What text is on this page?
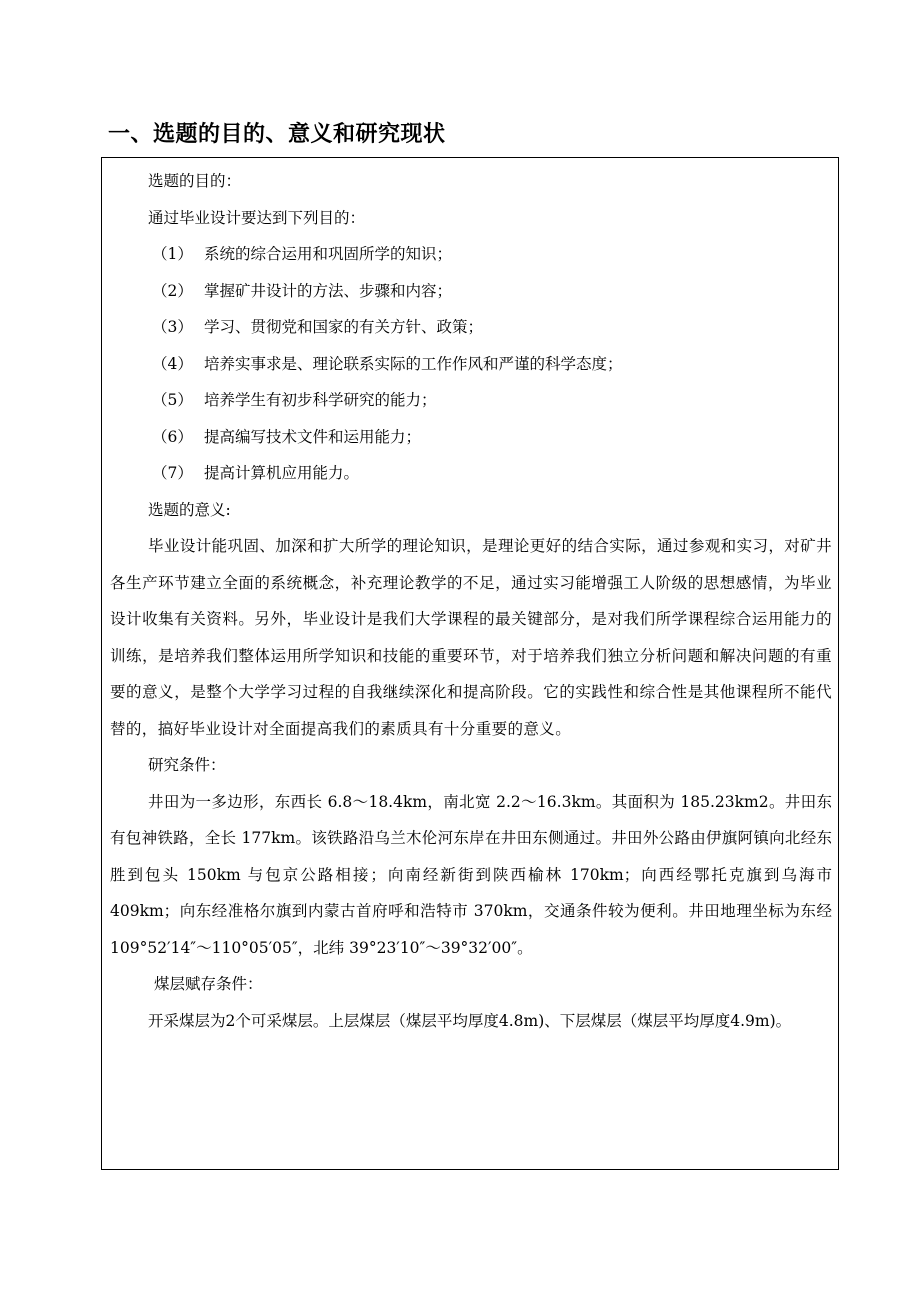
一、选题的目的、意义和研究现状
选题的目的：
通过毕业设计要达到下列目的：
（1） 系统的综合运用和巩固所学的知识；
（2） 掌握矿井设计的方法、步骤和内容；
（3） 学习、贯彻党和国家的有关方针、政策；
（4） 培养实事求是、理论联系实际的工作作风和严谨的科学态度；
（5） 培养学生有初步科学研究的能力；
（6） 提高编写技术文件和运用能力；
（7） 提高计算机应用能力。
选题的意义:

毕业设计能巩固、加深和扩大所学的理论知识，是理论更好的结合实际，通过参观和实习，对矿井各生产环节建立全面的系统概念，补充理论教学的不足，通过实习能增强工人阶级的思想感情，为毕业设计收集有关资料。另外，毕业设计是我们大学课程的最关键部分，是对我们所学课程综合运用能力的训练，是培养我们整体运用所学知识和技能的重要环节，对于培养我们独立分析问题和解决问题的有重要的意义，是整个大学学习过程的自我继续深化和提高阶段。它的实践性和综合性是其他课程所不能代替的，搞好毕业设计对全面提高我们的素质具有十分重要的意义。

研究条件：

井田为一多边形，东西长 6.8～18.4km，南北宽 2.2～16.3km。其面积为 185.23km2。井田东有包神铁路，全长 177km。该铁路沿乌兰木伦河东岸在井田东侧通过。井田外公路由伊旗阿镇向北经东胜到包头 150km 与包京公路相接；向南经新街到陕西榆林 170km；向西经鄂托克旗到乌海市 409km；向东经准格尔旗到内蒙古首府呼和浩特市 370km，交通条件较为便利。井田地理坐标为东经 109°52′14″～110°05′05″，北纬 39°23′10″～39°32′00″。

煤层赋存条件：

开采煤层为2个可采煤层。上层煤层（煤层平均厚度4.8m)、下层煤层（煤层平均厚度4.9m)。
